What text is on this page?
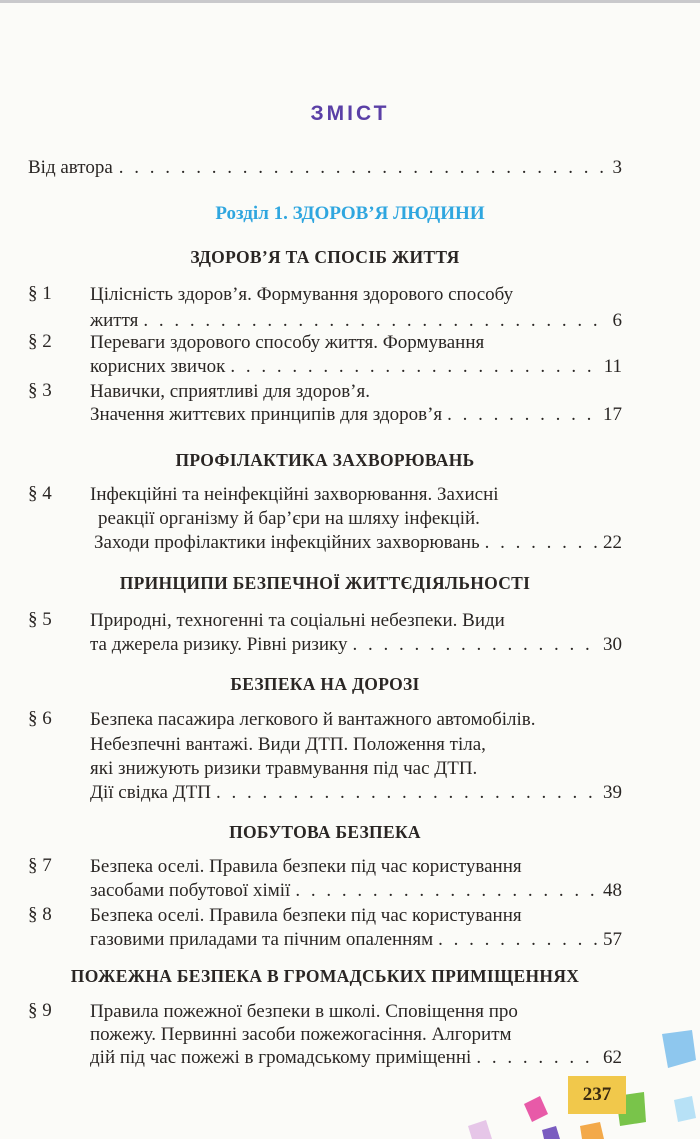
ЗМІСТ
Від автора . . .	3
Розділ 1. ЗДОРОВ’Я ЛЮДИНИ
ЗДОРОВ’Я ТА СПОСІБ ЖИТТЯ
§ 1 Цілісність здоров’я. Формування здорового способу
життя . . .	6
§ 2 Переваги здорового способу життя. Формування
корисних звичок . . .	11
§ 3 Навички, сприятливі для здоров’я.
Значення життєвих принципів для здоров’я . . .	17
ПРОФІЛАКТИКА ЗАХВОРЮВАНЬ
§ 4 Інфекційні та неінфекційні захворювання. Захисні
реакції організму й бар’єри на шляху інфекцій.
Заходи профілактики інфекційних захворювань . . .	22
ПРИНЦИПИ БЕЗПЕЧНОЇ ЖИТТЄДІЯЛЬНОСТІ
§ 5 Природні, техногенні та соціальні небезпеки. Види
та джерела ризику. Рівні ризику . . .	30
БЕЗПЕКА НА ДОРОЗІ
§ 6 Безпека пасажира легкового й вантажного автомобілів.
Небезпечні вантажі. Види ДТП. Положення тіла,
які знижують ризики травмування під час ДТП.
Дії свідка ДТП . . .	39
ПОБУТОВА БЕЗПЕКА
§ 7 Безпека оселі. Правила безпеки під час користування
засобами побутової хімії . . .	48
§ 8 Безпека оселі. Правила безпеки під час користування
газовими приладами та пічним опаленням . . .	57
ПОЖЕЖНА БЕЗПЕКА В ГРОМАДСЬКИХ ПРИМІЩЕННЯХ
§ 9 Правила пожежної безпеки в школі. Сповіщення про
пожежу. Первинні засоби пожежогасіння. Алгоритм
дій під час пожежі в громадському приміщенні . . .	62
237
